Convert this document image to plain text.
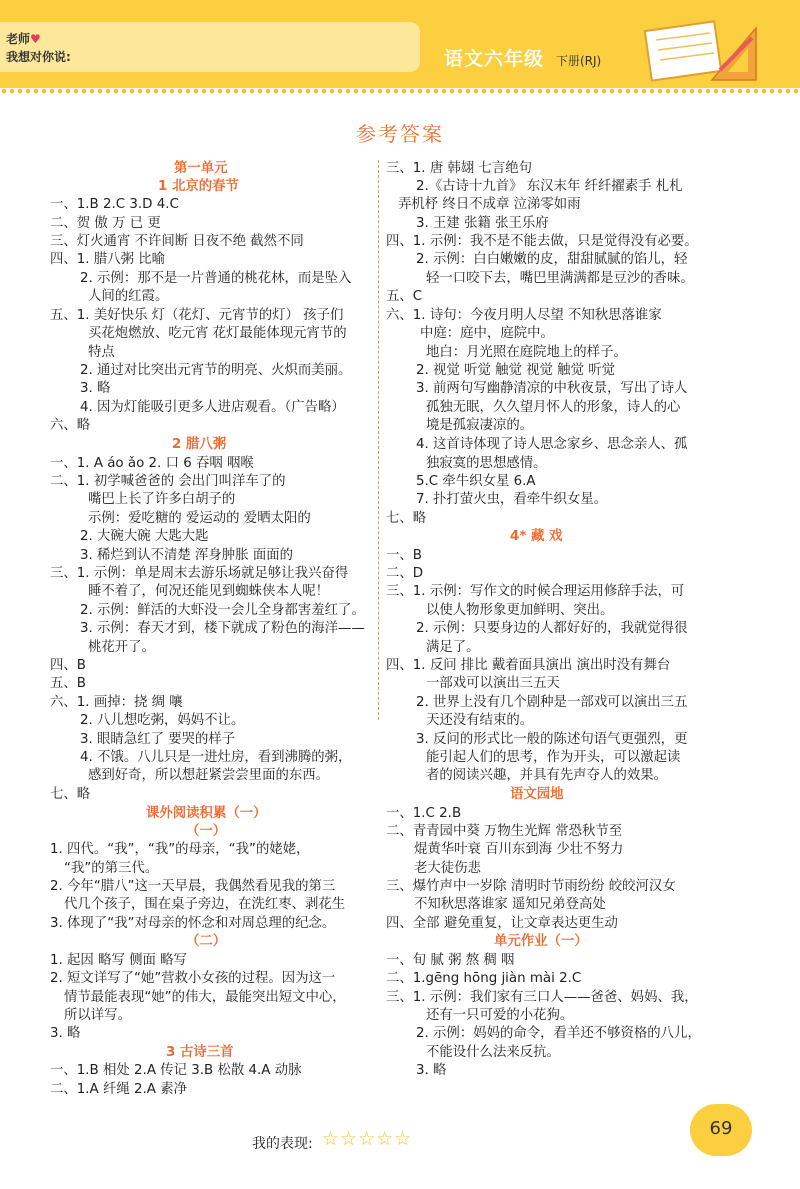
老师♥
我想对你说:	语文六年级 下册(RJ)
参考答案
第一单元
1 北京的春节
一、1.B 2.C 3.D 4.C
二、贺 傲 万 已 更
三、灯火通宵 不许间断 日夜不绝 截然不同
四、1. 腊八粥 比喻
2. 示例：那不是一片普通的桃花林，而是坠入
人间的红霞。
五、1. 美好快乐 灯（花灯、元宵节的灯） 孩子们
买花炮燃放、吃元宵 花灯最能体现元宵节的
特点
2. 通过对比突出元宵节的明亮、火炽而美丽。
3. 略
4. 因为灯能吸引更多人进店观看。（广告略）
六、略
2 腊八粥
一、1. A áo ǎo 2. 口 6 吞咽 咽喉
二、1. 初学喊爸爸的 会出门叫洋车了的
嘴巴上长了许多白胡子的
示例：爱吃糖的 爱运动的 爱晒太阳的
2. 大碗大碗 大匙大匙
3. 稀烂到认不清楚 浑身肿胀 面面的
三、1. 示例：单是周末去游乐场就足够让我兴奋得
睡不着了，何况还能见到蜘蛛侠本人呢！
2. 示例：鲜活的大虾没一会儿全身都害羞红了。
3. 示例：春天才到，楼下就成了粉色的海洋——
桃花开了。
四、B
五、B
六、1. 画掉：挠 绸 嚷
2. 八儿想吃粥，妈妈不让。
3. 眼睛急红了 要哭的样子
4. 不饿。八儿只是一进灶房，看到沸腾的粥，
感到好奇，所以想赶紧尝尝里面的东西。
七、略
课外阅读积累（一）
（一）
1. 四代。“我”，“我”的母亲，“我”的姥姥，
“我”的第三代。
2. 今年“腊八”这一天早晨，我偶然看见我的第三
代几个孩子，围在桌子旁边，在洗红枣、剥花生
3. 体现了“我”对母亲的怀念和对周总理的纪念。
（二）
1. 起因 略写 侧面 略写
2. 短文详写了“她”营救小女孩的过程。因为这一
情节最能表现“她”的伟大，最能突出短文中心，
所以详写。
3. 略
3 古诗三首
一、1.B 相处 2.A 传记 3.B 松散 4.A 动脉
二、1.A 纤绳 2.A 素净
三、1. 唐 韩翃 七言绝句
2.《古诗十九首》 东汉末年 纤纤擢素手 札札
弄机杼 终日不成章 泣涕零如雨
3. 王建 张籍 张王乐府
四、1. 示例：我不是不能去做，只是觉得没有必要。
2. 示例：白白嫩嫩的皮，甜甜腻腻的馅儿，轻
轻一口咬下去，嘴巴里满满都是豆沙的香味。
五、C
六、1. 诗句：今夜月明人尽望 不知秋思落谁家
中庭：庭中，庭院中。
地白：月光照在庭院地上的样子。
2. 视觉 听觉 触觉 视觉 触觉 听觉
3. 前两句写幽静清凉的中秋夜景，写出了诗人
孤独无眠，久久望月怀人的形象，诗人的心
境是孤寂凄凉的。
4. 这首诗体现了诗人思念家乡、思念亲人、孤
独寂寞的思想感情。
5.C 牵牛织女星 6.A
7. 扑打萤火虫，看牵牛织女星。
七、略
4* 藏 戏
一、B
二、D
三、1. 示例：写作文的时候合理运用修辞手法，可
以使人物形象更加鲜明、突出。
2. 示例：只要身边的人都好好的，我就觉得很
满足了。
四、1. 反问 排比 戴着面具演出 演出时没有舞台
一部戏可以演出三五天
2. 世界上没有几个剧种是一部戏可以演出三五
天还没有结束的。
3. 反问的形式比一般的陈述句语气更强烈，更
能引起人们的思考，作为开头，可以激起读
者的阅读兴趣，并具有先声夺人的效果。
语文园地
一、1.C 2.B
二、青青园中葵 万物生光辉 常恐秋节至
焜黄华叶衰 百川东到海 少壮不努力
老大徒伤悲
三、爆竹声中一岁除 清明时节雨纷纷 皎皎河汉女
不知秋思落谁家 遥知兄弟登高处
四、全部 避免重复，让文章表达更生动
单元作业（一）
一、旬 腻 粥 熬 稠 咽
二、1.gēng hōng jiàn mài 2.C
三、1. 示例：我们家有三口人——爸爸、妈妈、我，
还有一只可爱的小花狗。
2. 示例：妈妈的命令，看羊还不够资格的八儿，
不能设什么法来反抗。
3. 略
我的表现: ☆☆☆☆☆	69
